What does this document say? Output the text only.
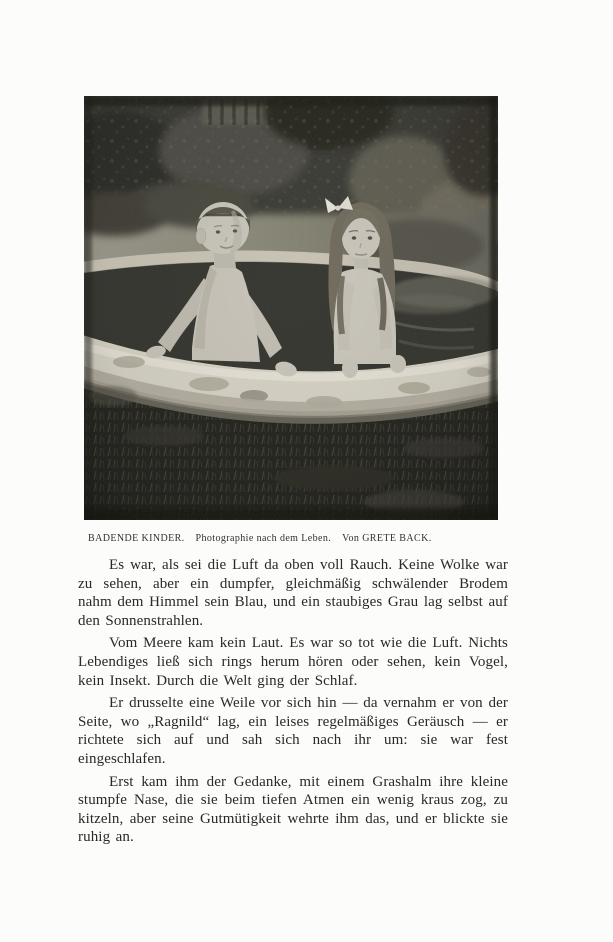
BADENDE KINDER. Photographie nach dem Leben. Von GRETE BACK.

Es war, als sei die Luft da oben voll Rauch. Keine Wolke war zu sehen, aber ein dumpfer, gleichmäßig schwälender Brodem nahm dem Himmel sein Blau, und ein staubiges Grau lag selbst auf den Sonnenstrahlen.

Vom Meere kam kein Laut. Es war so tot wie die Luft. Nichts Lebendiges ließ sich rings herum hören oder sehen, kein Vogel, kein Insekt. Durch die Welt ging der Schlaf.

Er drusselte eine Weile vor sich hin — da vernahm er von der Seite, wo „Ragnild“ lag, ein leises regelmäßiges Geräusch — er richtete sich auf und sah sich nach ihr um: sie war fest eingeschlafen.

Erst kam ihm der Gedanke, mit einem Grashalm ihre kleine stumpfe Nase, die sie beim tiefen Atmen ein wenig kraus zog, zu kitzeln, aber seine Gutmütigkeit wehrte ihm das, und er blickte sie ruhig an.
